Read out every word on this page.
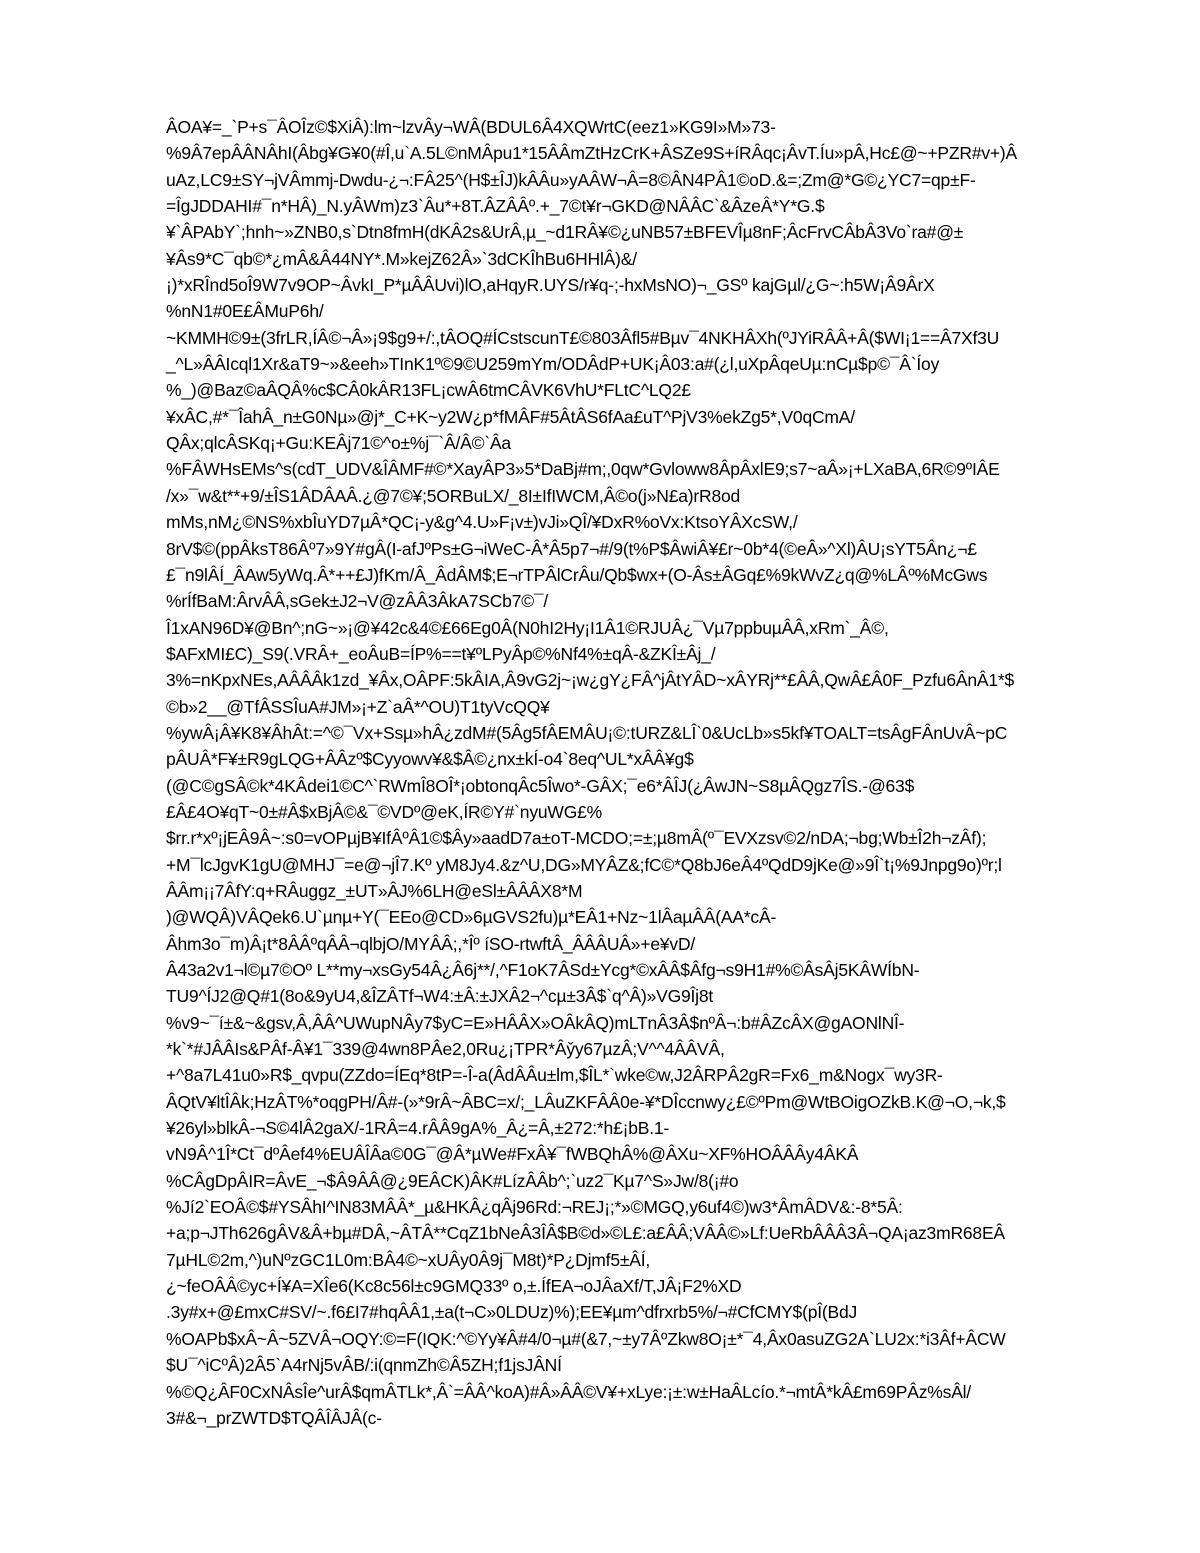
ÂOA¥=_`P+s¯ÂOÎz©$XiÂ):lm~lzvÂy¬WÂ(BDUL6Â4XQWrtC(eez1»KG9I»M»73-
%9Â7epÂÂNÂhI(Âbg¥G¥0(#Î,u`A.5L©nMÂpu1*15ÂÂmZtHzCrK+ÂSZe9S+íRÂqc¡ÂvT.Íu»pÂ,Hc£@~+PZR#v+)Â
uAz,LC9±SY¬jVÂmmj-Dwdu-¿¬:FÂ25^(H$±ÎJ)kÂÂu»yAÂW¬Â=8©ÂN4PÂ1©oD.&=;Zm@*G©¿YC7=qp±F-
=ÎgJDDAHI#¯n*HÂ)_N.yÂWm)z3`Âu*+8T.ÂZÂÂº.+_7©t¥r¬GKD@NÂÂC`&ÂzeÂ*Y*G.$
¥`ÂPAbY`;hnh~»ZNB0,s`Dtn8fmH(dKÂ2s&UrÂ,µ_~d1RÂ¥©¿uNB57±BFEVÎµ8nF;ÂcFrvCÂbÂ3Vo`ra#@±
¥Âs9*C¯qb©*¿mÂ&Â44NY*.M»kejZ62Â»`3dCKÎhBu6HHlÂ)&/
¡)*xRÎnd5oÎ9W7v9OP~ÂvkI_P*µÂÂUvi)lO,aHqyR.UYS/r¥q-;-hxMsNO)¬_GSº kajGµl/¿G~:h5W¡Â9ÂrX
%nN1#0E£ÂMuP6h/
~KMMH©9±(3frLR,ÍÂ©¬Â»¡9$g9+/:,tÂOQ#ÍCstscunT£©803Âfl5#Bµv¯4NKHÂXh(ºJYiRÂÂ+Â($WI¡1==Â7Xf3U
_^L»ÂÂIcql1Xr&aT9~»&eeh»TInK1º©9©U259mYm/ODÂdP+UK¡Â03:a#(¿l,uXpÂqeUµ:nCµ$p©¯Â`Íoy
%_)@Baz©aÂQÂ%c$CÂ0kÂR13FL¡cwÂ6tmCÂVK6VhU*FLtC^LQ2£
¥xÂC,#*¯ÎahÂ_n±G0Nµ»@j*_C+K~y2W¿p*fMÂF#5ÂtÂS6fAa£uT^PjV3%ekZg5*,V0qCmA/
QÂx;qlcÂSKq¡+Gu:KEÂj71©^o±%j¯`Â/Â©`Âa
%FÂWHsEMs^s(cdT_UDV&ÎÂMF#©*XayÂP3»5*DaBj#m;,0qw*Gvloww8ÂpÂxlE9;s7~aÂ»¡+LXaBA,6R©9ºIÂE
/x»¯w&t**+9/±ÎS1ÂDÂAÂ.¿@7©¥;5ORBuLX/_8I±IfIWCM,Â©o(j»N£a)rR8od
mMs,nM¿©NS%xbÎuYD7µÂ*QC¡-y&g^4.U»F¡v±)vJi»QÎ/¥DxR%oVx:KtsoYÂXcSW,/
8rV$©(ppÂksT86Âº7»9Y#gÂ(I-afJºPs±G¬iWeC-Â*Â5p7¬#/9(t%P$ÂwiÂ¥£r~0b*4(©eÂ»^Xl)ÂU¡sYT5Ân¿¬£
£¯n9lÂÍ_ÂAw5yWq.Â*++£J)fKm/Â_ÂdÂM$;E¬rTPÂlCrÂu/Qb$wx+(O-Âs±ÂGq£%9kWvZ¿q@%LÂº%McGws
%rÍfBaM:ÂrvÂÂ,sGek±J2¬V@zÂÂ3ÂkA7SCb7©¯/
Î1xAN96D¥@Bn^;nG~»¡@¥42c&4©£66Eg0Â(N0hI2Hy¡I1Â1©RJUÂ¿¯Vµ7ppbuµÂÂ,xRm`_Â©,
$AFxMI£C)_S9(.VRÂ+_eoÂuB=ÍP%==t¥ºLPyÂp©%Nf4%±qÂ-&ZKÎ±Âj_/
3%=nKpxNEs,AÂÂÂk1zd_¥Âx,OÂPF:5kÂIA,Â9vG2j~¡w¿gY¿FÂ^jÂtYÂD~xÂYRj**£ÂÂ,QwÂ£Â0F_Pzfu6ÂnÂ1*$
©b»2__@TfÂSSÎuA#JM»¡+Z`aÂ*^OU)T1tyVcQQ¥
%ywÂ¡Â¥K8¥ÂhÂt:=^©¯Vx+Ssµ»hÂ¿zdM#(5Âg5fÂEMÂU¡©:tURZ&LÎ`0&UcLb»s5kf¥TOALT=tsÂgFÂnUvÂ~pC
pÂUÂ*F¥±R9gLQG+ÂÂzº$Cyyowv¥&$Â©¿nx±kÍ-o4`8eq^UL*xÂÂ¥g$
(@C©gSÂ©k*4KÂdei1©C^`RWmÎ8OÎ*¡obtonqÂc5Îwo*-GÂX;¯e6*ÂÎJ(¿ÂwJN~S8µÂQgz7ÎS.-@63$
£Â£4O¥qT~0±#Â$xBjÂ©&¯©VDº@eK,ÍR©Y#`nyuWG£%
$rr.r*xº¡jEÂ9Â~:s0=vOPµjB¥IfÂºÂ1©$Ây»aadD7a±oT-MCDO;=±;µ8mÂ(º¯EVXzsv©2/nDA;¬bg;Wb±Î2h¬zÂf);
+M¯lcJgvK1gU@MHJ¯=e@¬jÎ7.Kº yM8Jy4.&z^U,DG»MYÂZ&;fC©*Q8bJ6eÂ4ºQdD9jKe@»9Î`t¡%9Jnpg9o)ºr;l
ÂÂm¡¡7ÂfY:q+RÂuggz_±UT»ÂJ%6LH@eSl±ÂÂÂX8*M
)@WQÂ)VÂQek6.U`µnµ+Y(¯EEo@CD»6µGVS2fu)µ*EÂ1+Nz~1lÂaµÂÂ(AA*cÂ-
Âhm3o¯m)Â¡t*8ÂÂºqÂÂ¬qlbjO/MYÂÂ;,*Îº íSO-rtwftÂ_ÂÂÂUÂ»+e¥vD/
Â43a2v1¬l©µ7©Oº L**my¬xsGy54Â¿Â6j**/,^F1oK7ÂSd±Ycg*©xÂÂ$Âfg¬s9H1#%©ÂsÂj5KÂWÍbN-
TU9^ÍJ2@Q#1(8o&9yU4,&ÎZÂTf¬W4:±Â:±JXÂ2¬^cµ±3Â$`q^Â)»VG9Îj8t
%v9~¯í±&~&gsv,Â,ÂÂ^UWupNÂy7$yC=E»HÂÂX»OÂkÂQ)mLTnÂ3Â$nºÂ¬:b#ÂZcÂX@gAONlNÎ-
*k`*#JÂÂIs&PÂf-Â¥1¯339@4wn8PÂe2,0Ru¿¡TPR*Ây̌y67µzÂ;V^^4ÂÂVÂ,
+^8a7L41u0»R$_qvpu(ZZdo=ÍEq*8tP=-Î-a(ÂdÂÂu±lm,$ÎL*`wke©w,J2ÂRPÂ2gR=Fx6_m&Nogx¯wy3R-
ÂQtV¥ltÎÂk;HzÂT%*oqgPH/Â#-(»*9rÂ~ÂBC=x/;_LÂuZKFÂÂ0e-¥*DÎccnwy¿£©ºPm@WtBOigOZkB.K@¬O,¬k,$
¥26yl»blkÂ-¬S©4lÂ2gaX/-1RÂ=4.rÂÂ9gA%_Â¿=Â,±272:*h£¡bB.1-
vN9Â^1Î*Ct¯dºÂef4%EUÂÎÂa©0G¯@Â*µWe#FxÂ¥¯fWBQhÂ%@ÂXu~XF%HOÂÂÂy4ÂKÂ
%CÂgDpÂIR=ÂvE_¬$Â9ÂÂ@¿9EÂCK)ÂK#LízÂÂb^;`uz2¯Kµ7^S»Jw/8(¡#o
%Jí2`EOÂ©$#YSÂhI^IN83MÂÂ*_µ&HKÂ¿qÂj96Rd:¬REJ¡;*»©MGQ,y6uf4©)w3*ÂmÂDV&:-8*5Â:
+a;p¬JTh626gÂV&Â+bµ#DÂ,~ÂTÂ**CqZ1bNeÂ3ÎÂ$B©d»©L£:a£ÂÂ;VÂÂ©»Lf:UeRbÂÂÂ3Â¬QA¡az3mR68EÂ
7µHL©2m,^)uNºzGC1L0m:BÂ4©~xUÂy0Â9j¯M8t)*P¿Djmf5±ÂÍ,
¿~feOÂÂ©yc+Í¥A=XÎe6(Kc8c56l±c9GMQ33º o,±.ÍfEA¬oJÂaXf/T,JÂ¡F2%XD
.3y#x+@£mxC#SV/~.f6£I7#hqÂÂ1,±a(t¬C»0LDUz)%);EE¥µm^dfrxrb5%/¬#CfCMY$(pÎ(BdJ
%OAPb$xÂ~Â~5ZVÂ¬OQY:©=F(IQK:^©Yy¥Â#4/0¬µ#(&7,~±y7ÂºZkw8O¡±*¯4,Âx0asuZG2A`LU2x:*i3Âf+ÂCW
$U¯^iCºÂ)2Â5`A4rNj5vÂB/:i(qnmZh©Â5ZH;f1jsJÂNÍ
%©Q¿ÂF0CxNÂsÎe^urÂ$qmÂTLk*,Â`=ÂÂ^koA)#Â»ÂÂ©V¥+xLye:¡±:w±HaÂLcío.*¬mtÂ*kÂ£m69PÂz%sÂl/
3#&¬_prZWTD$TQÂÎÂJÂ(c-
